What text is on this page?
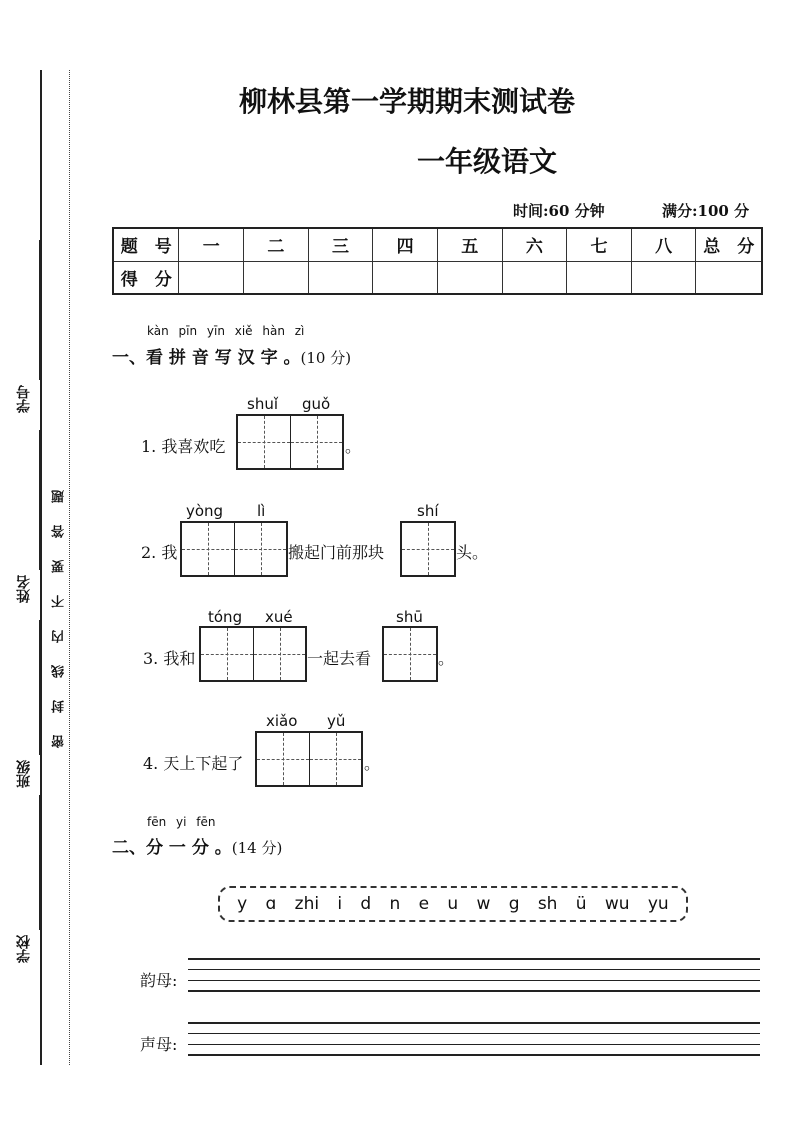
学号
姓名
班级
学校
密封线内不要答题
柳林县第一学期期末测试卷
一年级语文
时间:60 分钟	满分:100 分
题　号	一	二	三	四	五	六	七	八	总　分
得　分									
kàn pīn yīn xiě hàn zì
一、看 拼 音 写 汉 字 。(10 分)
1. 我喜欢吃
shuǐ guǒ
。
2. 我
yòng lì
搬起门前那块
shí
头。
3. 我和
tóng xué
一起去看
shū
。
4. 天上下起了
xiǎo yǔ
。
fēn yi fēn
二、分 一 分 。(14 分)
y ɑ zhi i d n e u w g sh ü wu yu
韵母:
声母:
